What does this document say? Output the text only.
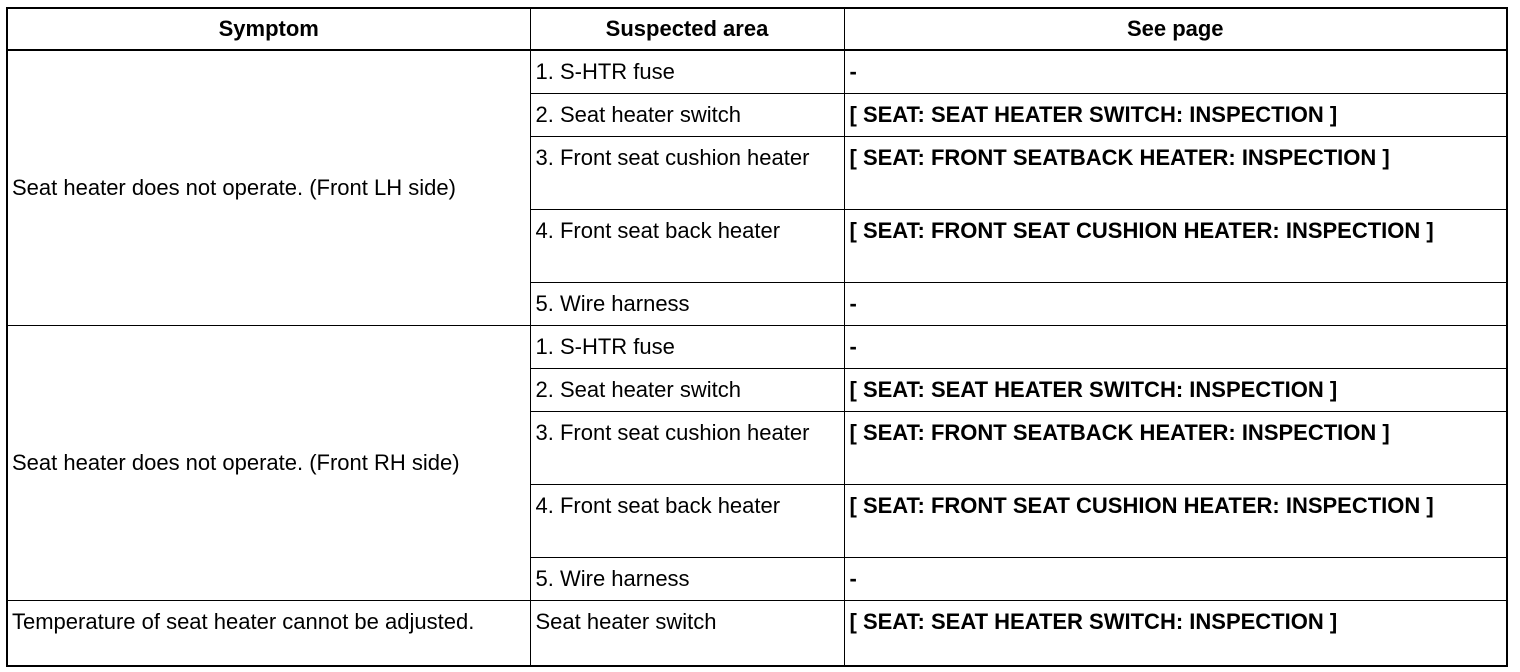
Symptom	Suspected area	See page
Seat heater does not operate. (Front LH side)	1. S-HTR fuse	-
	2. Seat heater switch	[ SEAT: SEAT HEATER SWITCH: INSPECTION ]
	3. Front seat cushion heater	[ SEAT: FRONT SEATBACK HEATER: INSPECTION ]
	4. Front seat back heater	[ SEAT: FRONT SEAT CUSHION HEATER: INSPECTION ]
	5. Wire harness	-
Seat heater does not operate. (Front RH side)	1. S-HTR fuse	-
	2. Seat heater switch	[ SEAT: SEAT HEATER SWITCH: INSPECTION ]
	3. Front seat cushion heater	[ SEAT: FRONT SEATBACK HEATER: INSPECTION ]
	4. Front seat back heater	[ SEAT: FRONT SEAT CUSHION HEATER: INSPECTION ]
	5. Wire harness	-
Temperature of seat heater cannot be adjusted.	Seat heater switch	[ SEAT: SEAT HEATER SWITCH: INSPECTION ]
